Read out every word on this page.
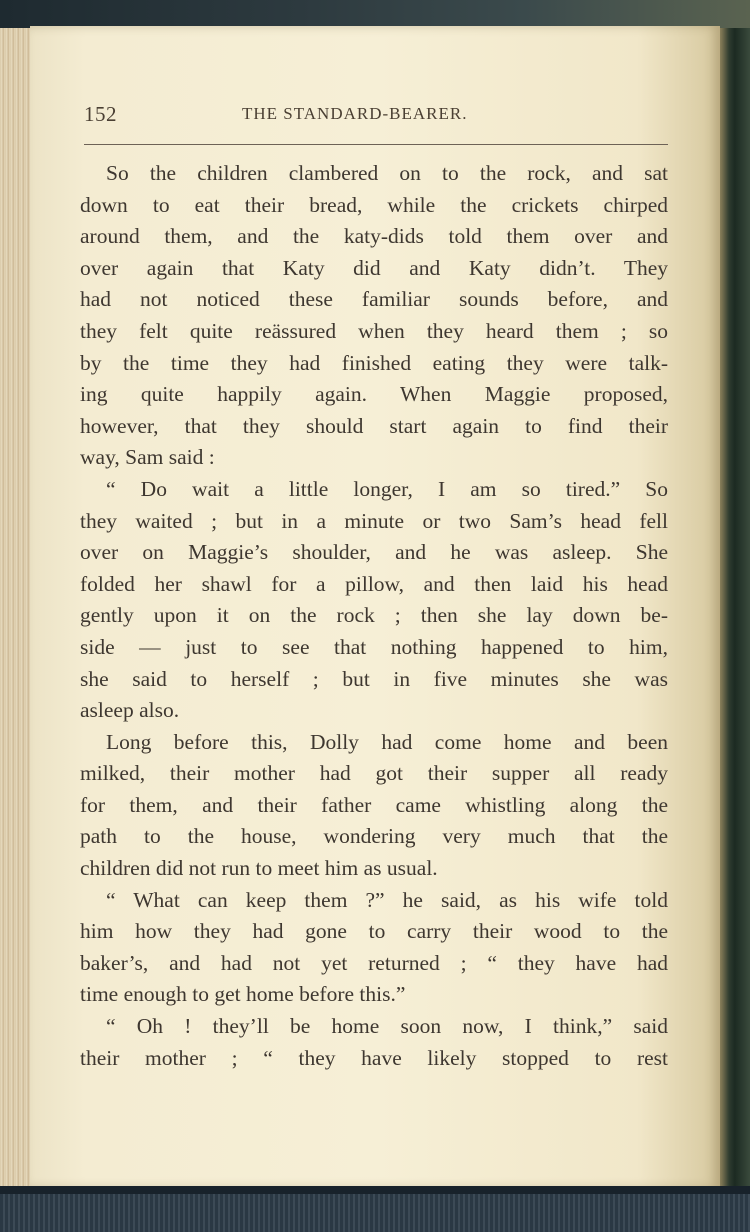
152	THE STANDARD-BEARER.
So the children clambered on to the rock, and sat
down to eat their bread, while the crickets chirped
around them, and the katy-dids told them over and
over again that Katy did and Katy didn’t. They
had not noticed these familiar sounds before, and
they felt quite reässured when they heard them ; so
by the time they had finished eating they were talk-
ing quite happily again. When Maggie proposed,
however, that they should start again to find their
way, Sam said :
“ Do wait a little longer, I am so tired.” So
they waited ; but in a minute or two Sam’s head fell
over on Maggie’s shoulder, and he was asleep. She
folded her shawl for a pillow, and then laid his head
gently upon it on the rock ; then she lay down be-
side — just to see that nothing happened to him,
she said to herself ; but in five minutes she was
asleep also.
Long before this, Dolly had come home and been
milked, their mother had got their supper all ready
for them, and their father came whistling along the
path to the house, wondering very much that the
children did not run to meet him as usual.
“ What can keep them ?” he said, as his wife told
him how they had gone to carry their wood to the
baker’s, and had not yet returned ; “ they have had
time enough to get home before this.”
“ Oh ! they’ll be home soon now, I think,” said
their mother ; “ they have likely stopped to rest
